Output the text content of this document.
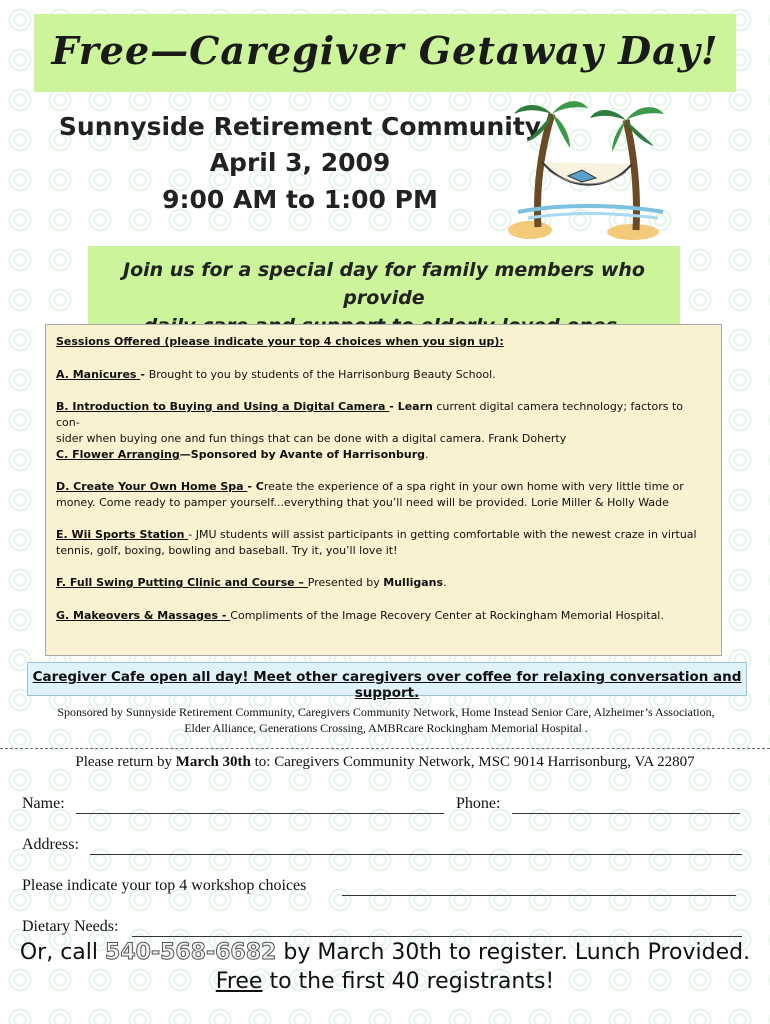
Free—Caregiver Getaway Day!
Sunnyside Retirement Community
April 3, 2009
9:00 AM to 1:00 PM
Join us for a special day for family members who provide
Sessions Offered (please indicate your top 4 choices when you sign up):
A. Manicures - Brought to you by students of the Harrisonburg Beauty School.
B. Introduction to Buying and Using a Digital Camera - Learn current digital camera technology; factors to con-
sider when buying one and fun things that can be done with a digital camera. Frank Doherty
C. Flower Arranging—Sponsored by Avante of Harrisonburg.
D. Create Your Own Home Spa - Create the experience of a spa right in your own home with very little time or
money. Come ready to pamper yourself...everything that you’ll need will be provided. Lorie Miller & Holly Wade
E. Wii Sports Station - JMU students will assist participants in getting comfortable with the newest craze in virtual
tennis, golf, boxing, bowling and baseball. Try it, you’ll love it!
F. Full Swing Putting Clinic and Course – Presented by Mulligans.
G. Makeovers & Massages - Compliments of the Image Recovery Center at Rockingham Memorial Hospital.
Caregiver Cafe open all day! Meet other caregivers over coffee for relaxing conversation and support.
Sponsored by Sunnyside Retirement Community, Caregivers Community Network, Home Instead Senior Care, Alzheimer’s Association,
Elder Alliance, Generations Crossing, AMBRcare Rockingham Memorial Hospital .
Please return by March 30th to: Caregivers Community Network, MSC 9014 Harrisonburg, VA 22807
Name:	Phone:
Address:
Please indicate your top 4 workshop choices
Dietary Needs:
Or, call 540-568-6682 by March 30th to register. Lunch Provided.
Free to the first 40 registrants!
